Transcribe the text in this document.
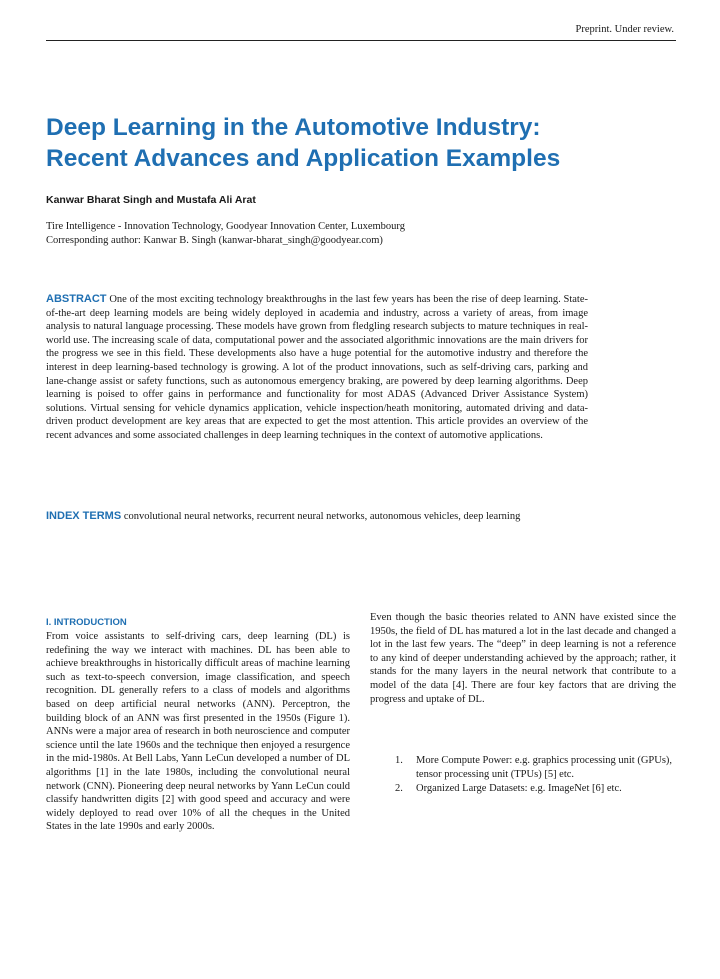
Preprint. Under review.
Deep Learning in the Automotive Industry:
Recent Advances and Application Examples
Kanwar Bharat Singh and Mustafa Ali Arat
Tire Intelligence - Innovation Technology, Goodyear Innovation Center, Luxembourg
Corresponding author: Kanwar B. Singh (kanwar-bharat_singh@goodyear.com)

ABSTRACT One of the most exciting technology breakthroughs in the last few years has been the rise of deep learning. State-of-the-art deep learning models are being widely deployed in academia and industry, across a variety of areas, from image analysis to natural language processing. These models have grown from fledgling research subjects to mature techniques in real-world use. The increasing scale of data, computational power and the associated algorithmic innovations are the main drivers for the progress we see in this field. These developments also have a huge potential for the automotive industry and therefore the interest in deep learning-based technology is growing. A lot of the product innovations, such as self-driving cars, parking and lane-change assist or safety functions, such as autonomous emergency braking, are powered by deep learning algorithms. Deep learning is poised to offer gains in performance and functionality for most ADAS (Advanced Driver Assistance System) solutions. Virtual sensing for vehicle dynamics application, vehicle inspection/heath monitoring, automated driving and data-driven product development are key areas that are expected to get the most attention. This article provides an overview of the recent advances and some associated challenges in deep learning techniques in the context of automotive applications.

INDEX TERMS convolutional neural networks, recurrent neural networks, autonomous vehicles, deep learning

I. INTRODUCTION

From voice assistants to self-driving cars, deep learning (DL) is redefining the way we interact with machines. DL has been able to achieve breakthroughs in historically difficult areas of machine learning such as text-to-speech conversion, image classification, and speech recognition. DL generally refers to a class of models and algorithms based on deep artificial neural networks (ANN). Perceptron, the building block of an ANN was first presented in the 1950s (Figure 1). ANNs were a major area of research in both neuroscience and computer science until the late 1960s and the technique then enjoyed a resurgence in the mid-1980s. At Bell Labs, Yann LeCun developed a number of DL algorithms [1] in the late 1980s, including the convolutional neural network (CNN). Pioneering deep neural networks by Yann LeCun could classify handwritten digits [2] with good speed and accuracy and were widely deployed to read over 10% of all the cheques in the United States in the late 1990s and early 2000s.

Even though the basic theories related to ANN have existed since the 1950s, the field of DL has matured a lot in the last decade and changed a lot in the last few years. The “deep” in deep learning is not a reference to any kind of deeper understanding achieved by the approach; rather, it stands for the many layers in the neural network that contribute to a model of the data [4]. There are four key factors that are driving the progress and uptake of DL.

1. More Compute Power: e.g. graphics processing unit (GPUs), tensor processing unit (TPUs) [5] etc.
2. Organized Large Datasets: e.g. ImageNet [6] etc.
